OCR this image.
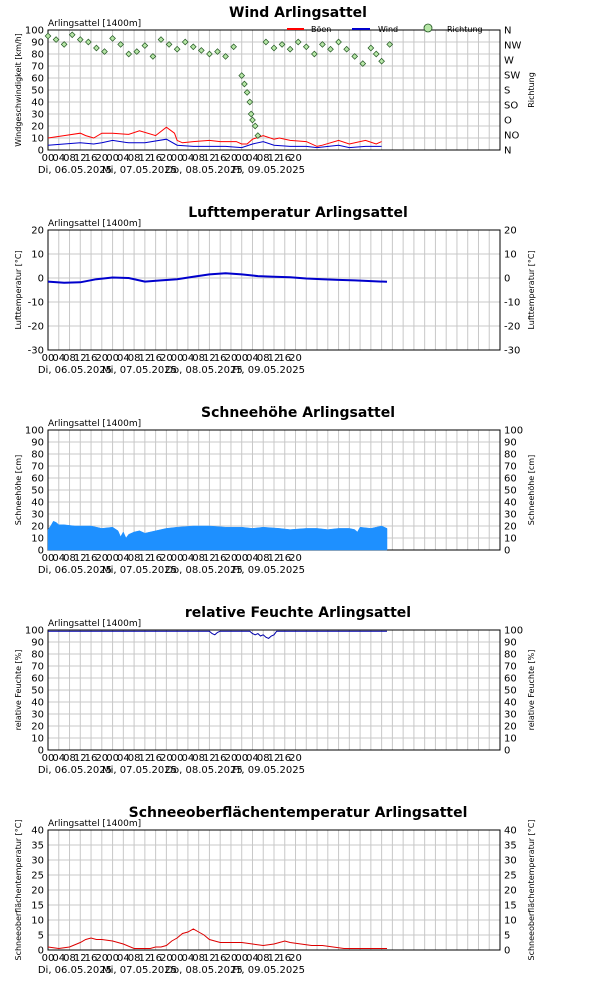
Wind Arlingsattel
Arlingsattel [1400m]
0
10
20
30
40
50
60
70
80
90
100
N
NO
O
SO
S
SW
W
NW
N
Windgeschwindigkeit [km/h]	Richtung
00
04
08
12
16
20
00
04
08
12
16
20
00
04
08
12
16
20
00
04
08
12
16
20
Di, 06.05.2025
Mi, 07.05.2025
Do, 08.05.2025
Fr, 09.05.2025
Böen	Wind	Richtung
Lufttemperatur Arlingsattel
Arlingsattel [1400m]
-30
-20
-10
0
10
20
-30
-20
-10
0
10
20
Lufttemperatur [°C]	Lufttemperatur [°C]
00
04
08
12
16
20
00
04
08
12
16
20
00
04
08
12
16
20
00
04
08
12
16
20
Di, 06.05.2025
Mi, 07.05.2025
Do, 08.05.2025
Fr, 09.05.2025
Schneehöhe Arlingsattel
Arlingsattel [1400m]
0
10
20
30
40
50
60
70
80
90
100
0
10
20
30
40
50
60
70
80
90
100
Schneehöhe [cm]	Schneehöhe [cm]
00
04
08
12
16
20
00
04
08
12
16
20
00
04
08
12
16
20
00
04
08
12
16
20
Di, 06.05.2025
Mi, 07.05.2025
Do, 08.05.2025
Fr, 09.05.2025
relative Feuchte Arlingsattel
Arlingsattel [1400m]
0
10
20
30
40
50
60
70
80
90
100
0
10
20
30
40
50
60
70
80
90
100
relative Feuchte [%]	relative Feuchte [%]
00
04
08
12
16
20
00
04
08
12
16
20
00
04
08
12
16
20
00
04
08
12
16
20
Di, 06.05.2025
Mi, 07.05.2025
Do, 08.05.2025
Fr, 09.05.2025
Schneeoberflächentemperatur Arlingsattel
Arlingsattel [1400m]
0
5
10
15
20
25
30
35
40
0
5
10
15
20
25
30
35
40
Schneeoberflächentemperatur [°C]	Schneeoberflächentemperatur [°C]
00
04
08
12
16
20
00
04
08
12
16
20
00
04
08
12
16
20
00
04
08
12
16
20
Di, 06.05.2025
Mi, 07.05.2025
Do, 08.05.2025
Fr, 09.05.2025
